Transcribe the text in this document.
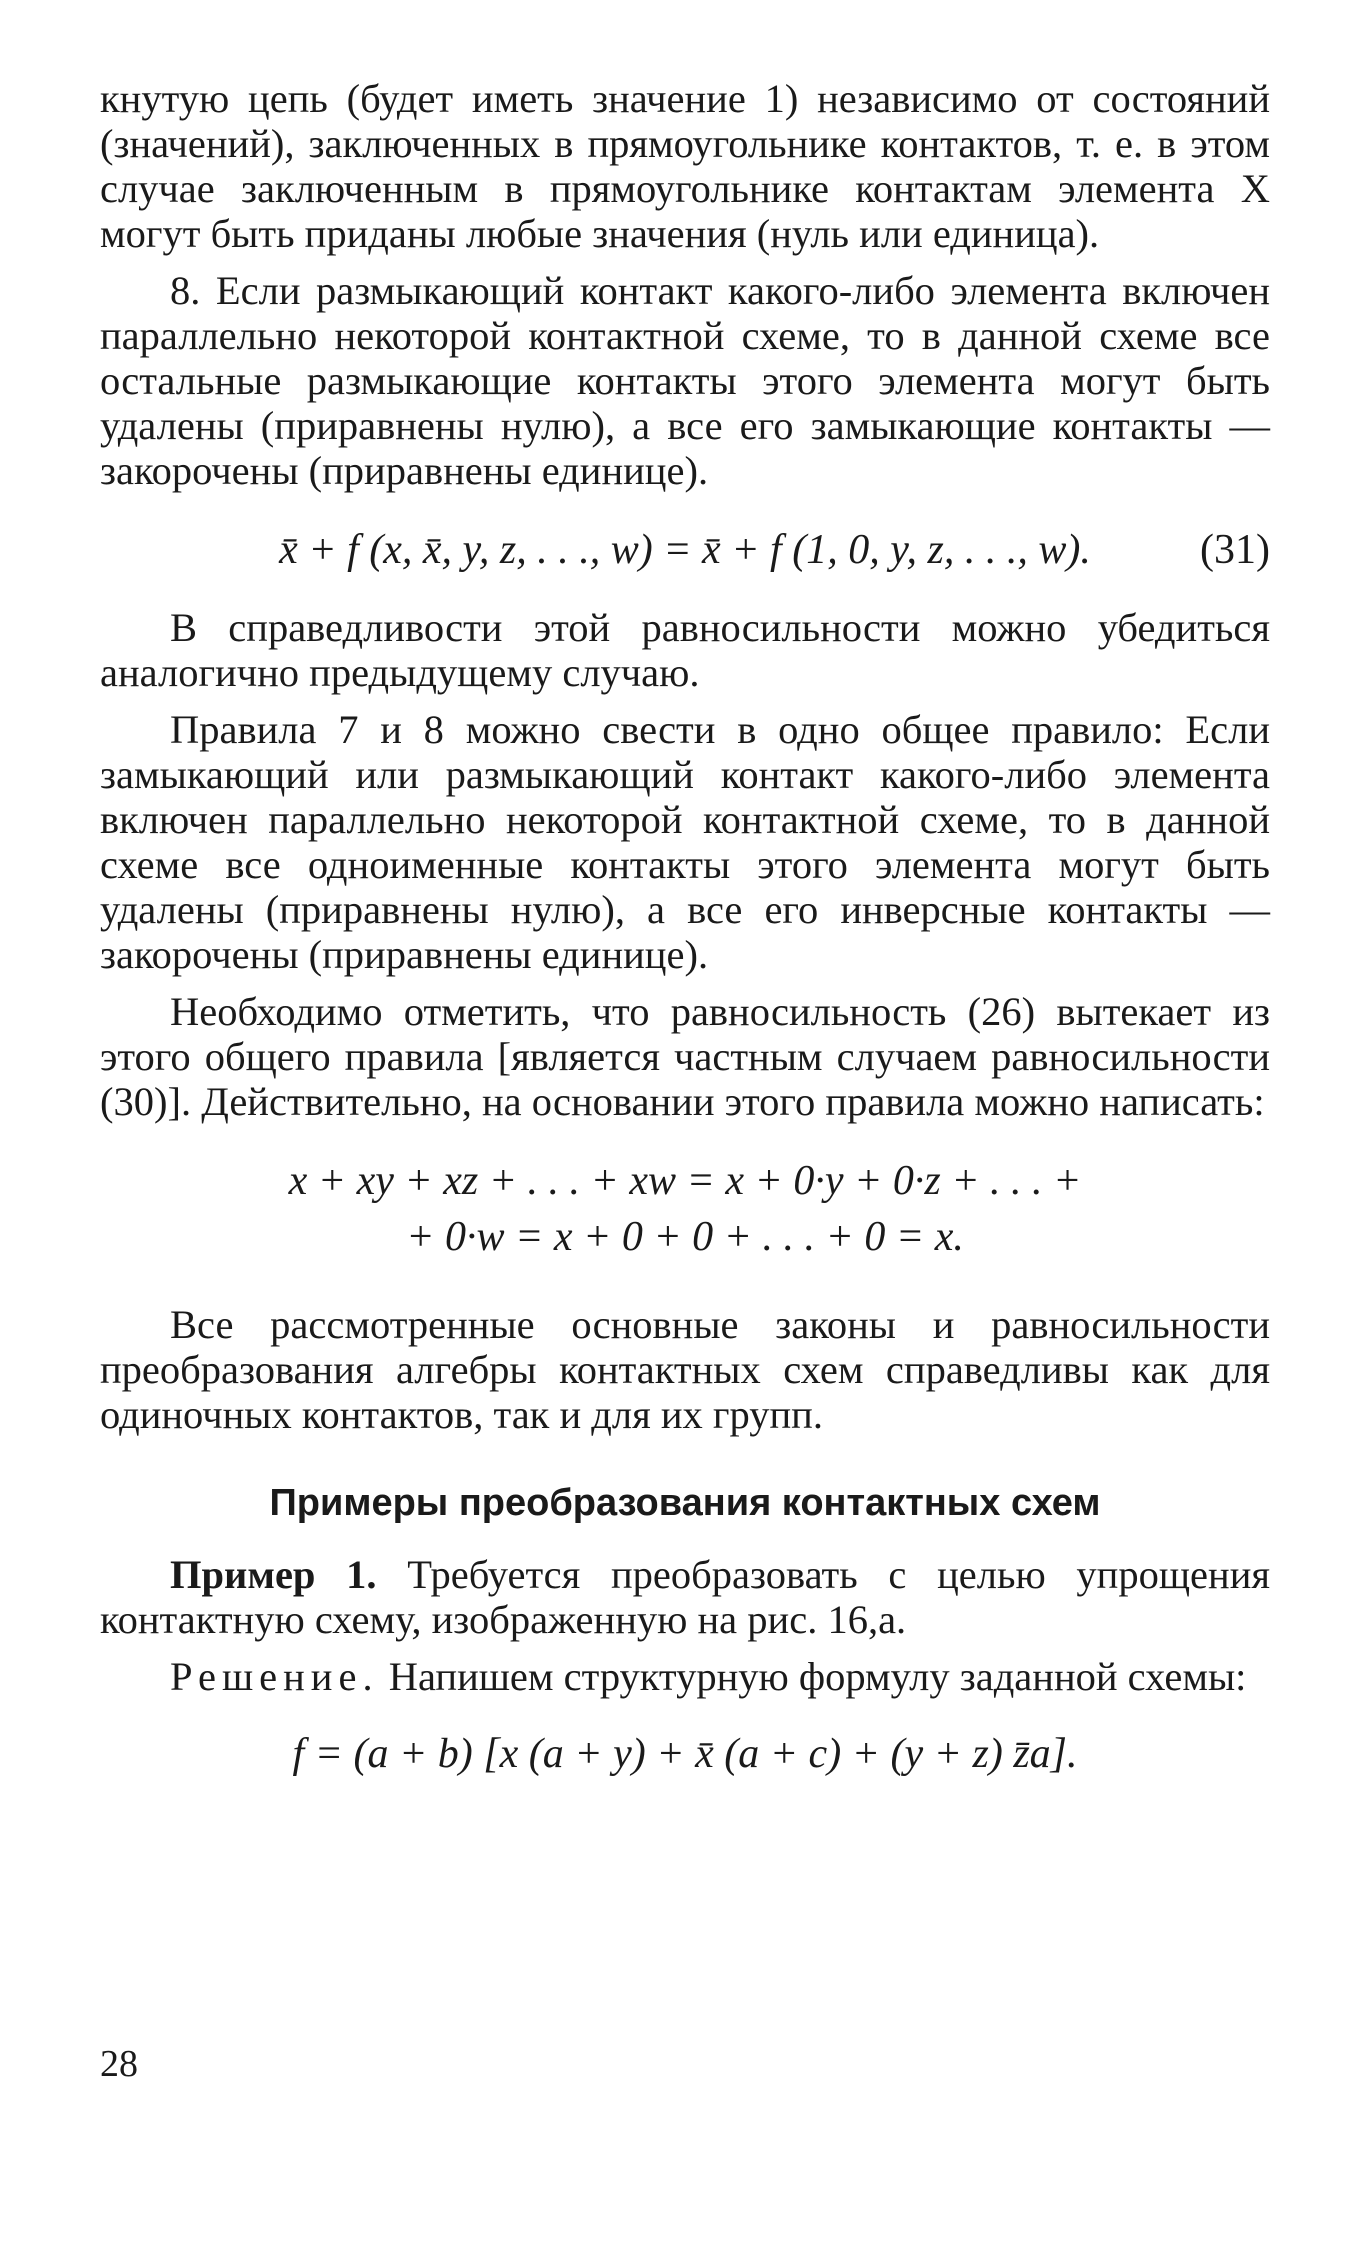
кнутую цепь (будет иметь значение 1) независимо от состояний (значений), заключенных в прямоугольнике контактов, т. е. в этом случае заключенным в прямоугольнике контактам элемента X могут быть приданы любые значения (нуль или единица).

8. Если размыкающий контакт какого-либо элемента включен параллельно некоторой контактной схеме, то в данной схеме все остальные размыкающие контакты этого элемента могут быть удалены (приравнены нулю), а все его замыкающие контакты — закорочены (приравнены единице).

x̄ + f (x, x̄, y, z, . . ., w) = x̄ + f (1, 0, y, z, . . ., w).	(31)

В справедливости этой равносильности можно убедиться аналогично предыдущему случаю.

Правила 7 и 8 можно свести в одно общее правило: Если замыкающий или размыкающий контакт какого-либо элемента включен параллельно некоторой контактной схеме, то в данной схеме все одноименные контакты этого элемента могут быть удалены (приравнены нулю), а все его инверсные контакты — закорочены (приравнены единице).

Необходимо отметить, что равносильность (26) вытекает из этого общего правила [является частным случаем равносильности (30)]. Действительно, на основании этого правила можно написать:

x + xy + xz + . . . + xw = x + 0·y + 0·z + . . . +
+ 0·w = x + 0 + 0 + . . . + 0 = x.

Все рассмотренные основные законы и равносильности преобразования алгебры контактных схем справедливы как для одиночных контактов, так и для их групп.

Примеры преобразования контактных схем

Пример 1. Требуется преобразовать с целью упрощения контактную схему, изображенную на рис. 16,a.

Решение. Напишем структурную формулу заданной схемы:

f = (a + b) [x (a + y) + x̄ (a + c) + (y + z) z̄a].
28
